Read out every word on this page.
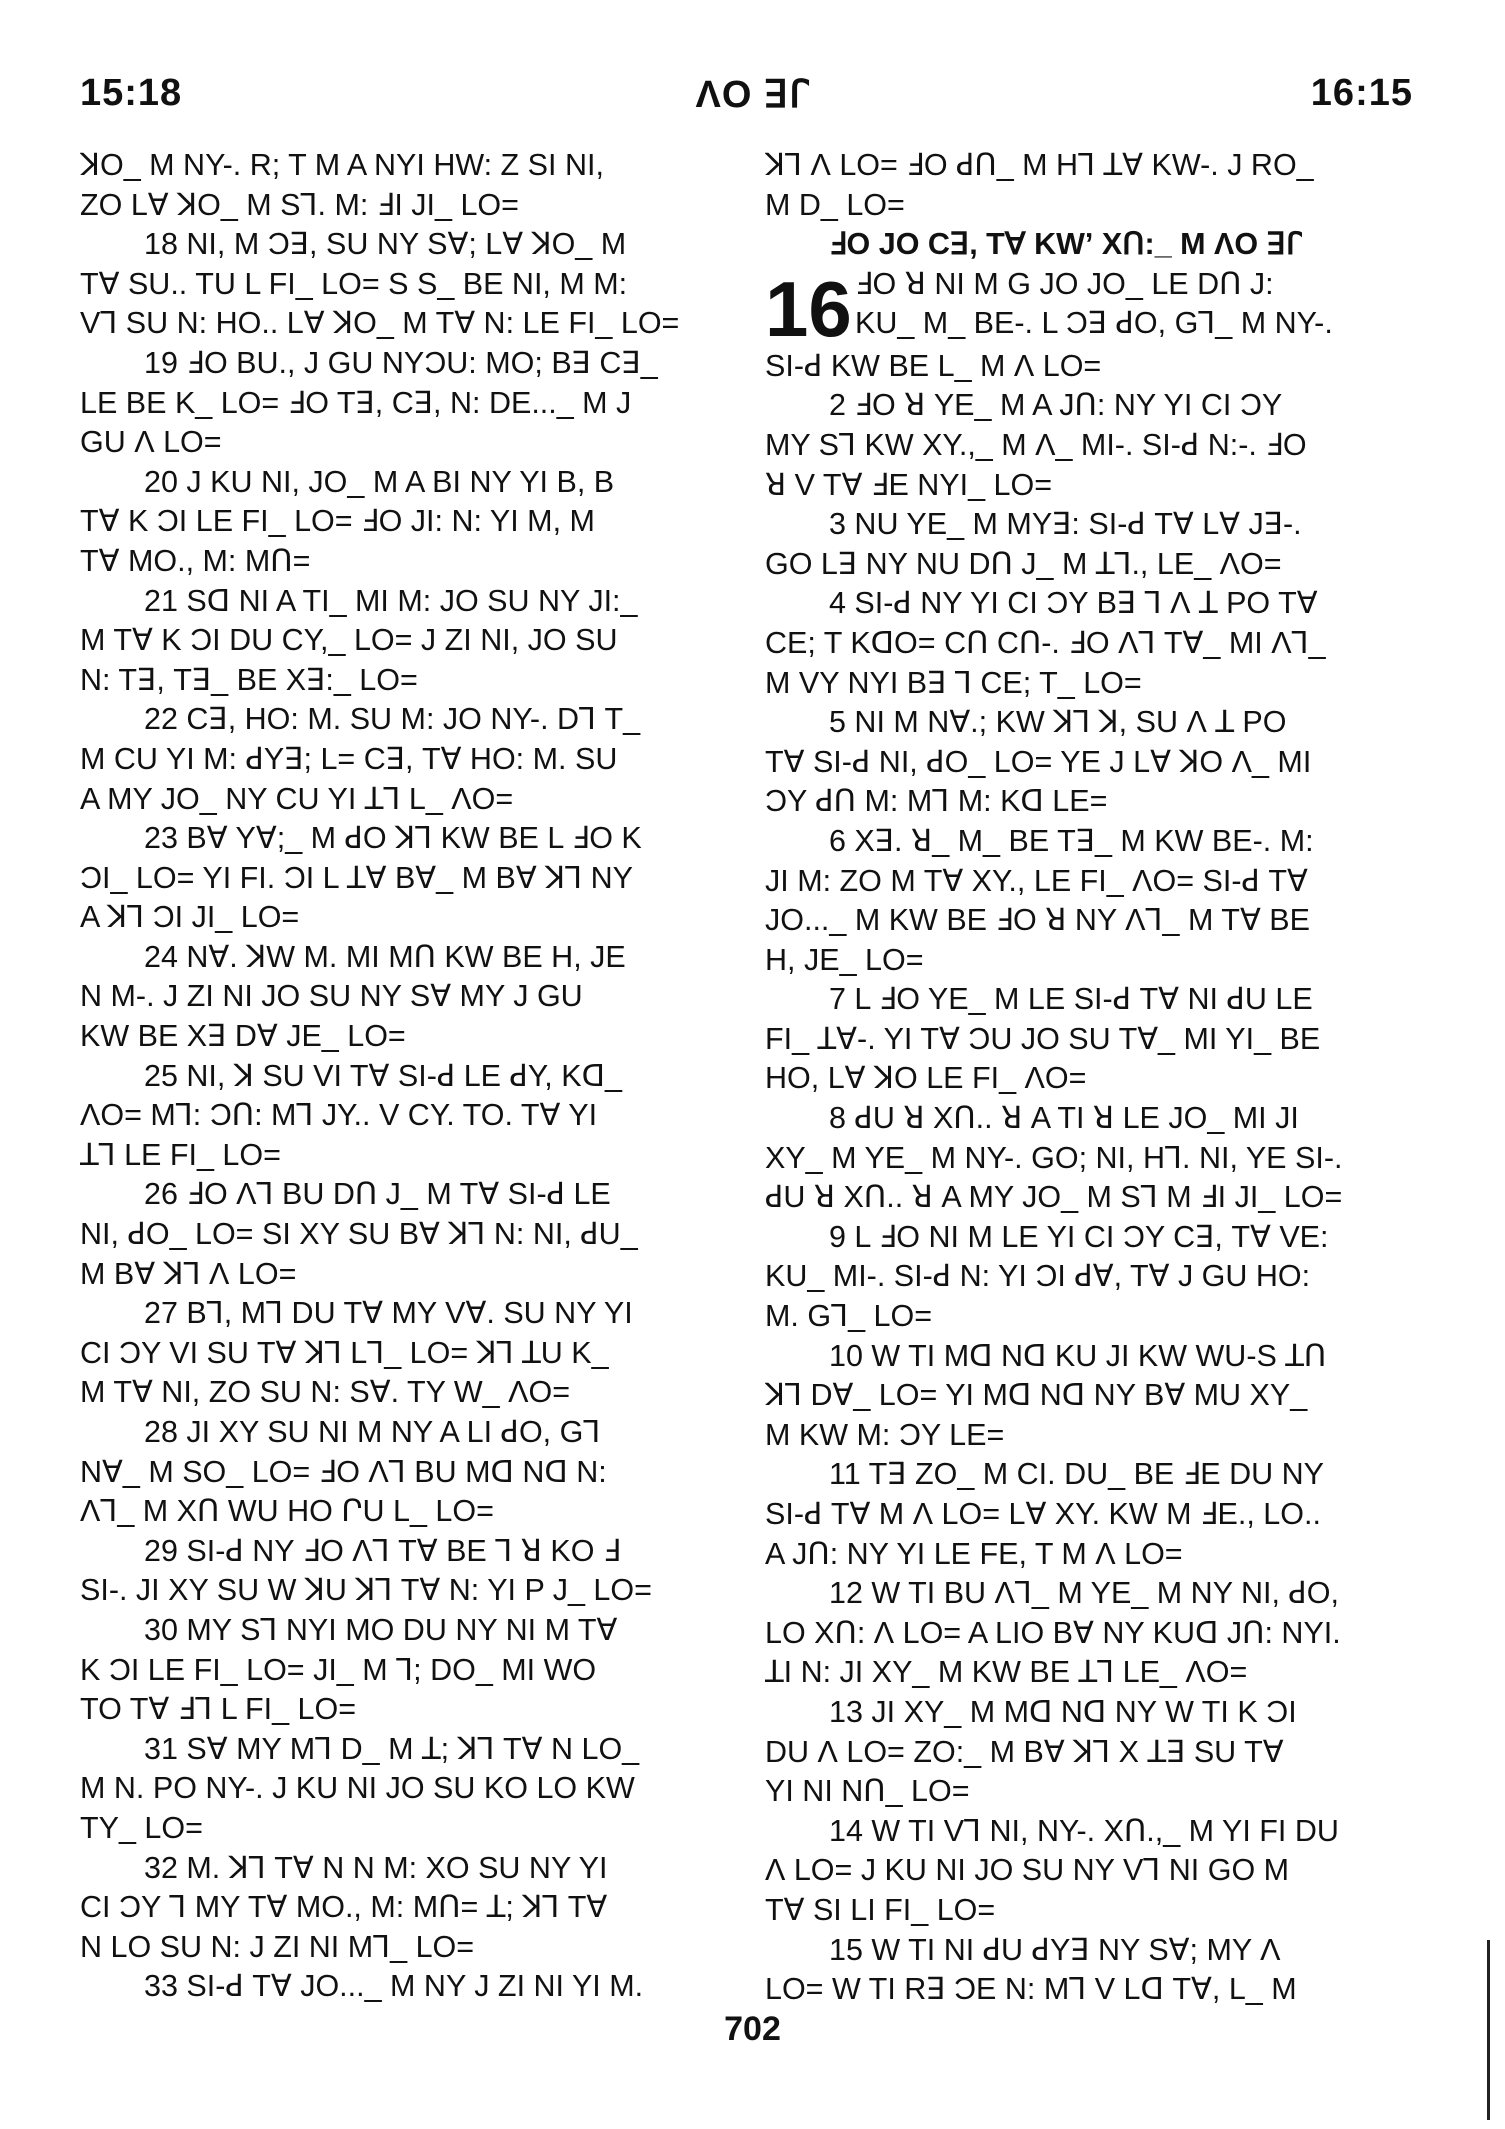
15:18	ɅO ꓱꓩ	16:15
ꓘO_ M NY-. R; T M A NYI HW: Z SI NI,
ZO LⱯ ꓘO_ M Sꓶ. M: ꓞI JI_ LO=
18 NI, M Ɔꓱ, SU NY SⱯ; LⱯ ꓘO_ M
TⱯ SU.. TU L FI_ LO= S S_ BE NI, M M:
Vꓶ SU N: HO.. LⱯ ꓘO_ M TⱯ N: LE FI_ LO=
19 ꓞO BU., J GU NYƆU: MO; Bꓱ Cꓱ_
LE BE K_ LO= ꓞO Tꓱ, Cꓱ, N: DE..._ M J
GU Ʌ LO=
20 J KU NI, JO_ M A BI NY YI B, B
TⱯ K ƆI LE FI_ LO= ꓞO JI: N: YI M, M
TⱯ MO., M: MՈ=
21 Sꓷ NI A TI_ MI M: JO SU NY JI:_
M TⱯ K ƆI DU CY,_ LO= J ZI NI, JO SU
N: Tꓱ, Tꓱ_ BE Xꓱ:_ LO=
22 Cꓱ, HO: M. SU M: JO NY-. Dꓶ T_
M CU YI M: ꓒYꓱ; L= Cꓱ, TⱯ HO: M. SU
A MY JO_ NY CU YI ꓕꓶ L_ ɅO=
23 BⱯ YⱯ;_ M ꓒO ꓘꓶ KW BE L ꓞO K
ƆI_ LO= YI FI. ƆI L ꓕⱯ BⱯ_ M BⱯ ꓘꓶ NY
A ꓘꓶ ƆI JI_ LO=
24 NⱯ. ꓘW M. MI MՈ KW BE H, JE
N M-. J ZI NI JO SU NY SⱯ MY J GU
KW BE Xꓱ DⱯ JE_ LO=
25 NI, ꓘ SU VI TⱯ SI-ꓒ LE ꓒY, Kꓷ_
ɅO= Mꓶ: ƆՈ: Mꓶ JY.. V CY. TO. TⱯ YI
ꓕꓶ LE FI_ LO=
26 ꓞO Ʌꓶ BU DՈ J_ M TⱯ SI-ꓒ LE
NI, ꓒO_ LO= SI XY SU BⱯ ꓘꓶ N: NI, ꓒU_
M BⱯ ꓘꓶ Ʌ LO=
27 Bꓶ, Mꓶ DU TⱯ MY VⱯ. SU NY YI
CI ƆY VI SU TⱯ ꓘꓶ Lꓶ_ LO= ꓘꓶ ꓕU K_
M TⱯ NI, ZO SU N: SⱯ. TY W_ ɅO=
28 JI XY SU NI M NY A LI ꓒO, Gꓶ
NⱯ_ M SO_ LO= ꓞO Ʌꓶ BU Mꓷ Nꓷ N:
Ʌꓶ_ M XՈ WU HO ՐU L_ LO=
29 SI-ꓒ NY ꓞO Ʌꓶ TⱯ BE ꓶ ꓤ KO ꓞ
SI-. JI XY SU W ꓘU ꓘꓶ TⱯ N: YI P J_ LO=
30 MY Sꓶ NYI MO DU NY NI M TⱯ
K ƆI LE FI_ LO= JI_ M ꓶ; DO_ MI WO
TO TⱯ ꓞꓶ L FI_ LO=
31 SⱯ MY Mꓶ D_ M ꓕ; ꓘꓶ TⱯ N LO_
M N. PO NY-. J KU NI JO SU KO LO KW
TY_ LO=
32 M. ꓘꓶ TⱯ N N M: XO SU NY YI
CI ƆY ꓶ MY TⱯ MO., M: MՈ= ꓕ; ꓘꓶ TⱯ
N LO SU N: J ZI NI Mꓶ_ LO=
33 SI-ꓒ TⱯ JO..._ M NY J ZI NI YI M.
ꓘꓶ Ʌ LO= ꓞO ꓒՈ_ M Hꓶ ꓕⱯ KW-. J RO_
M D_ LO=
ꓞO JO Cꓱ, TⱯ KWʼ XՈ:_ M ɅO ꓱꓩ
16 ꓞO ꓤ NI M G JO JO_ LE DՈ J:
KU_ M_ BE-. L Ɔꓱ ꓒO, Gꓶ_ M NY-.
SI-ꓒ KW BE L_ M Ʌ LO=
2 ꓞO ꓤ YE_ M A JՈ: NY YI CI ƆY
MY Sꓶ KW XY.,_ M Ʌ_ MI-. SI-ꓒ N:-. ꓞO
ꓤ V TⱯ ꓞE NYI_ LO=
3 NU YE_ M MYꓱ: SI-ꓒ TⱯ LⱯ Jꓱ-.
GO Lꓱ NY NU DՈ J_ M ꓕꓶ., LE_ ɅO=
4 SI-ꓒ NY YI CI ƆY Bꓱ ꓶ Ʌ ꓕ PO TⱯ
CE; T KꓷO= CՈ CՈ-. ꓞO Ʌꓶ TⱯ_ MI Ʌꓶ_
M VY NYI Bꓱ ꓶ CE; T_ LO=
5 NI M NⱯ.; KW ꓘꓶ ꓘ, SU Ʌ ꓕ PO
TⱯ SI-ꓒ NI, ꓒO_ LO= YE J LⱯ ꓘO Ʌ_ MI
ƆY ꓒՈ M: Mꓶ M: Kꓷ LE=
6 Xꓱ. ꓤ_ M_ BE Tꓱ_ M KW BE-. M:
JI M: ZO M TⱯ XY., LE FI_ ɅO= SI-ꓒ TⱯ
JO..._ M KW BE ꓞO ꓤ NY Ʌꓶ_ M TⱯ BE
H, JE_ LO=
7 L ꓞO YE_ M LE SI-ꓒ TⱯ NI ꓒU LE
FI_ ꓕⱯ-. YI TⱯ ƆU JO SU TⱯ_ MI YI_ BE
HO, LⱯ ꓘO LE FI_ ɅO=
8 ꓒU ꓤ XՈ.. ꓤ A TI ꓤ LE JO_ MI JI
XY_ M YE_ M NY-. GO; NI, Hꓶ. NI, YE SI-.
ꓒU ꓤ XՈ.. ꓤ A MY JO_ M Sꓶ M ꓞI JI_ LO=
9 L ꓞO NI M LE YI CI ƆY Cꓱ, TⱯ VE:
KU_ MI-. SI-ꓒ N: YI ƆI ꓒⱯ, TⱯ J GU HO:
M. Gꓶ_ LO=
10 W TI Mꓷ Nꓷ KU JI KW WU-S ꓕՈ
ꓘꓶ DⱯ_ LO= YI Mꓷ Nꓷ NY BⱯ MU XY_
M KW M: ƆY LE=
11 Tꓱ ZO_ M CI. DU_ BE ꓞE DU NY
SI-ꓒ TⱯ M Ʌ LO= LⱯ XY. KW M ꓞE., LO..
A JՈ: NY YI LE FE, T M Ʌ LO=
12 W TI BU Ʌꓶ_ M YE_ M NY NI, ꓒO,
LO XՈ: Ʌ LO= A LIO BⱯ NY KUꓷ JՈ: NYI.
ꓕI N: JI XY_ M KW BE ꓕꓶ LE_ ɅO=
13 JI XY_ M Mꓷ Nꓷ NY W TI K ƆI
DU Ʌ LO= ZO:_ M BⱯ ꓘꓶ X ꓕꓱ SU TⱯ
YI NI NՈ_ LO=
14 W TI Vꓶ NI, NY-. XՈ.,_ M YI FI DU
Ʌ LO= J KU NI JO SU NY Vꓶ NI GO M
TⱯ SI LI FI_ LO=
15 W TI NI ꓒU ꓒYꓱ NY SⱯ; MY Ʌ
LO= W TI Rꓱ ƆE N: Mꓶ V Lꓷ TⱯ, L_ M
702
